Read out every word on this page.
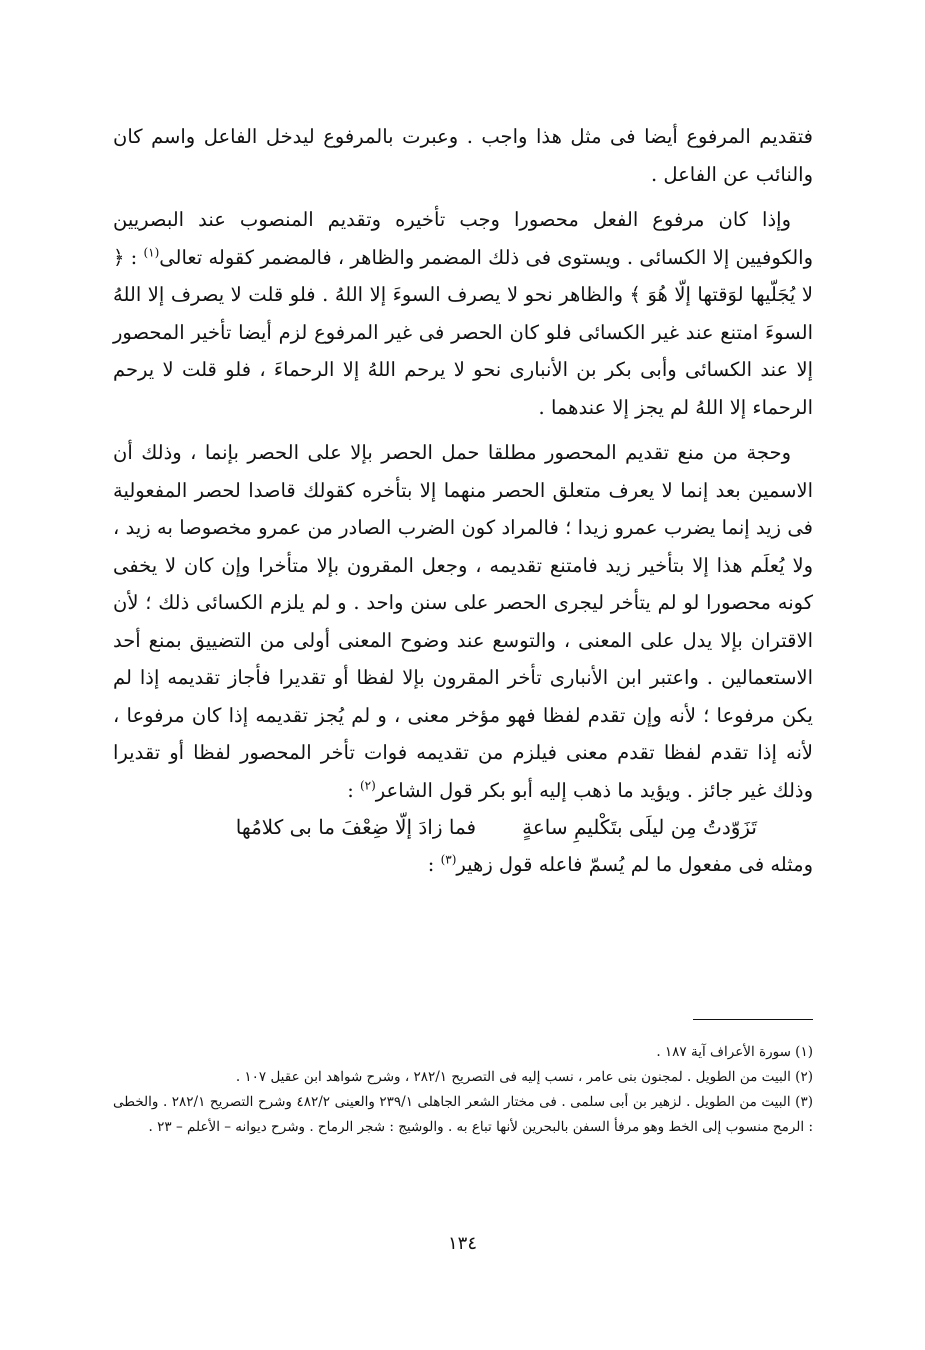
فتقديم المرفوع أيضا فى مثل هذا واجب . وعبرت بالمرفوع ليدخل الفاعل واسم كان والنائب عن الفاعل .

وإذا كان مرفوع الفعل محصورا وجب تأخيره وتقديم المنصوب عند البصريين والكوفيين إلا الكسائى . ويستوى فى ذلك المضمر والظاهر ، فالمضمر كقوله تعالى$^{(١)}$ : ﴿ لا يُجَلّيها لوَقتها إلّا هُوَ ﴾ والظاهر نحو لا يصرف السوءَ إلا اللهُ . فلو قلت لا يصرف إلا اللهُ السوءَ امتنع عند غير الكسائى فلو كان الحصر فى غير المرفوع لزم أيضا تأخير المحصور إلا عند الكسائى وأبى بكر بن الأنبارى نحو لا يرحم اللهُ إلا الرحماءَ ، فلو قلت لا يرحم الرحماء إلا اللهُ لم يجز إلا عندهما .

وحجة من منع تقديم المحصور مطلقا حمل الحصر بإلا على الحصر بإنما ، وذلك أن الاسمين بعد إنما لا يعرف متعلق الحصر منهما إلا بتأخره كقولك قاصدا لحصر المفعولية فى زيد إنما يضرب عمرو زيدا ؛ فالمراد كون الضرب الصادر من عمرو مخصوصا به زيد ، ولا يُعلَم هذا إلا بتأخير زيد فامتنع تقديمه ، وجعل المقرون بإلا متأخرا وإن كان لا يخفى كونه محصورا لو لم يتأخر ليجرى الحصر على سنن واحد . و لم يلزم الكسائى ذلك ؛ لأن الاقتران بإلا يدل على المعنى ، والتوسع عند وضوح المعنى أولى من التضييق بمنع أحد الاستعمالين . واعتبر ابن الأنبارى تأخر المقرون بإلا لفظا أو تقديرا فأجاز تقديمه إذا لم يكن مرفوعا ؛ لأنه وإن تقدم لفظا فهو مؤخر معنى ، و لم يُجز تقديمه إذا كان مرفوعا ، لأنه إذا تقدم لفظا تقدم معنى فيلزم من تقديمه فوات تأخر المحصور لفظا أو تقديرا وذلك غير جائز . ويؤيد ما ذهب إليه أبو بكر قول الشاعر$^{(٢)}$ :

تَزَوّدتُ مِن ليلَى بتَكْليمِ ساعةٍ
فما زادَ إلّا ضِعْفَ ما بى كلامُها

ومثله فى مفعول ما لم يُسمّ فاعله قول زهير$^{(٣)}$ :

(١) سورة الأعراف آية ١٨٧ .

(٢) البيت من الطويل . لمجنون بنى عامر ، نسب إليه فى التصريح ٢٨٢/١ ، وشرح شواهد ابن عقيل ١٠٧ .

(٣) البيت من الطويل . لزهير بن أبى سلمى . فى مختار الشعر الجاهلى ٢٣٩/١ والعينى ٤٨٢/٢ وشرح التصريح ٢٨٢/١ . والخطى : الرمح منسوب إلى الخط وهو مرفأ السفن بالبحرين لأنها تباع به . والوشيج : شجر الرماح . وشرح ديوانه – الأعلم – ٢٣ .

١٣٤
